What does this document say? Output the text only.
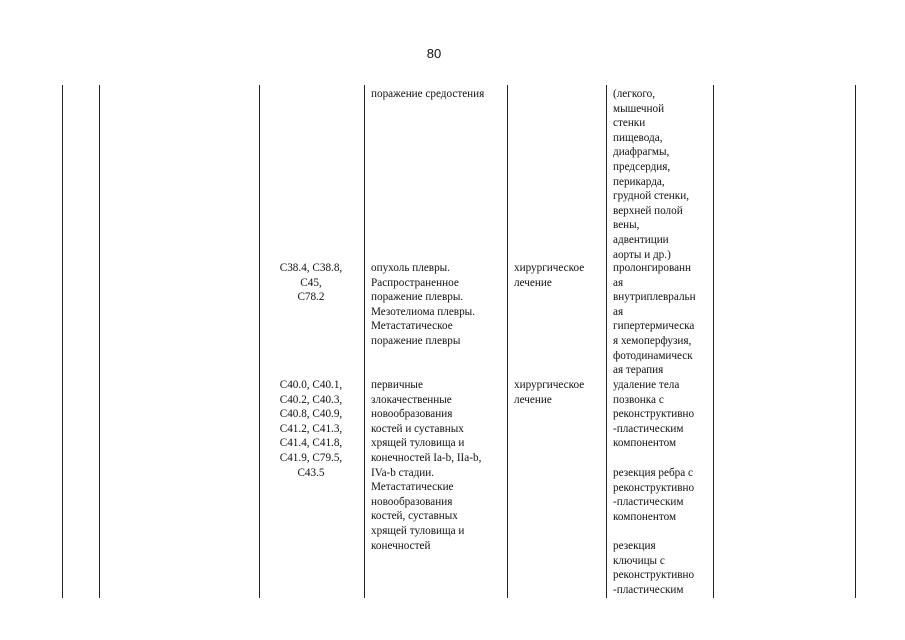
80
поражение средостения	(легкого,
мышечной
стенки
пищевода,
диафрагмы,
предсердия,
перикарда,
грудной стенки,
верхней полой
вены,
адвентиции
аорты и др.)
C38.4, C38.8,
C45,
C78.2
опухоль плевры.
Распространенное
поражение плевры.
Мезотелиома плевры.
Метастатическое
поражение плевры
хирургическое
лечение
пролонгированн
ая
внутриплевральн
ая
гипертермическа
я хемоперфузия,
фотодинамическ
ая терапия
C40.0, C40.1,
C40.2, C40.3,
C40.8, C40.9,
C41.2, C41.3,
C41.4, C41.8,
C41.9, C79.5,
C43.5
первичные
злокачественные
новообразования
костей и суставных
хрящей туловища и
конечностей Ia-b, IIa-b,
IVa-b стадии.
Метастатические
новообразования
костей, суставных
хрящей туловища и
конечностей
хирургическое
лечение
удаление тела
позвонка с
реконструктивно
-пластическим
компонентом
резекция ребра с
реконструктивно
-пластическим
компонентом
резекция
ключицы с
реконструктивно
-пластическим
